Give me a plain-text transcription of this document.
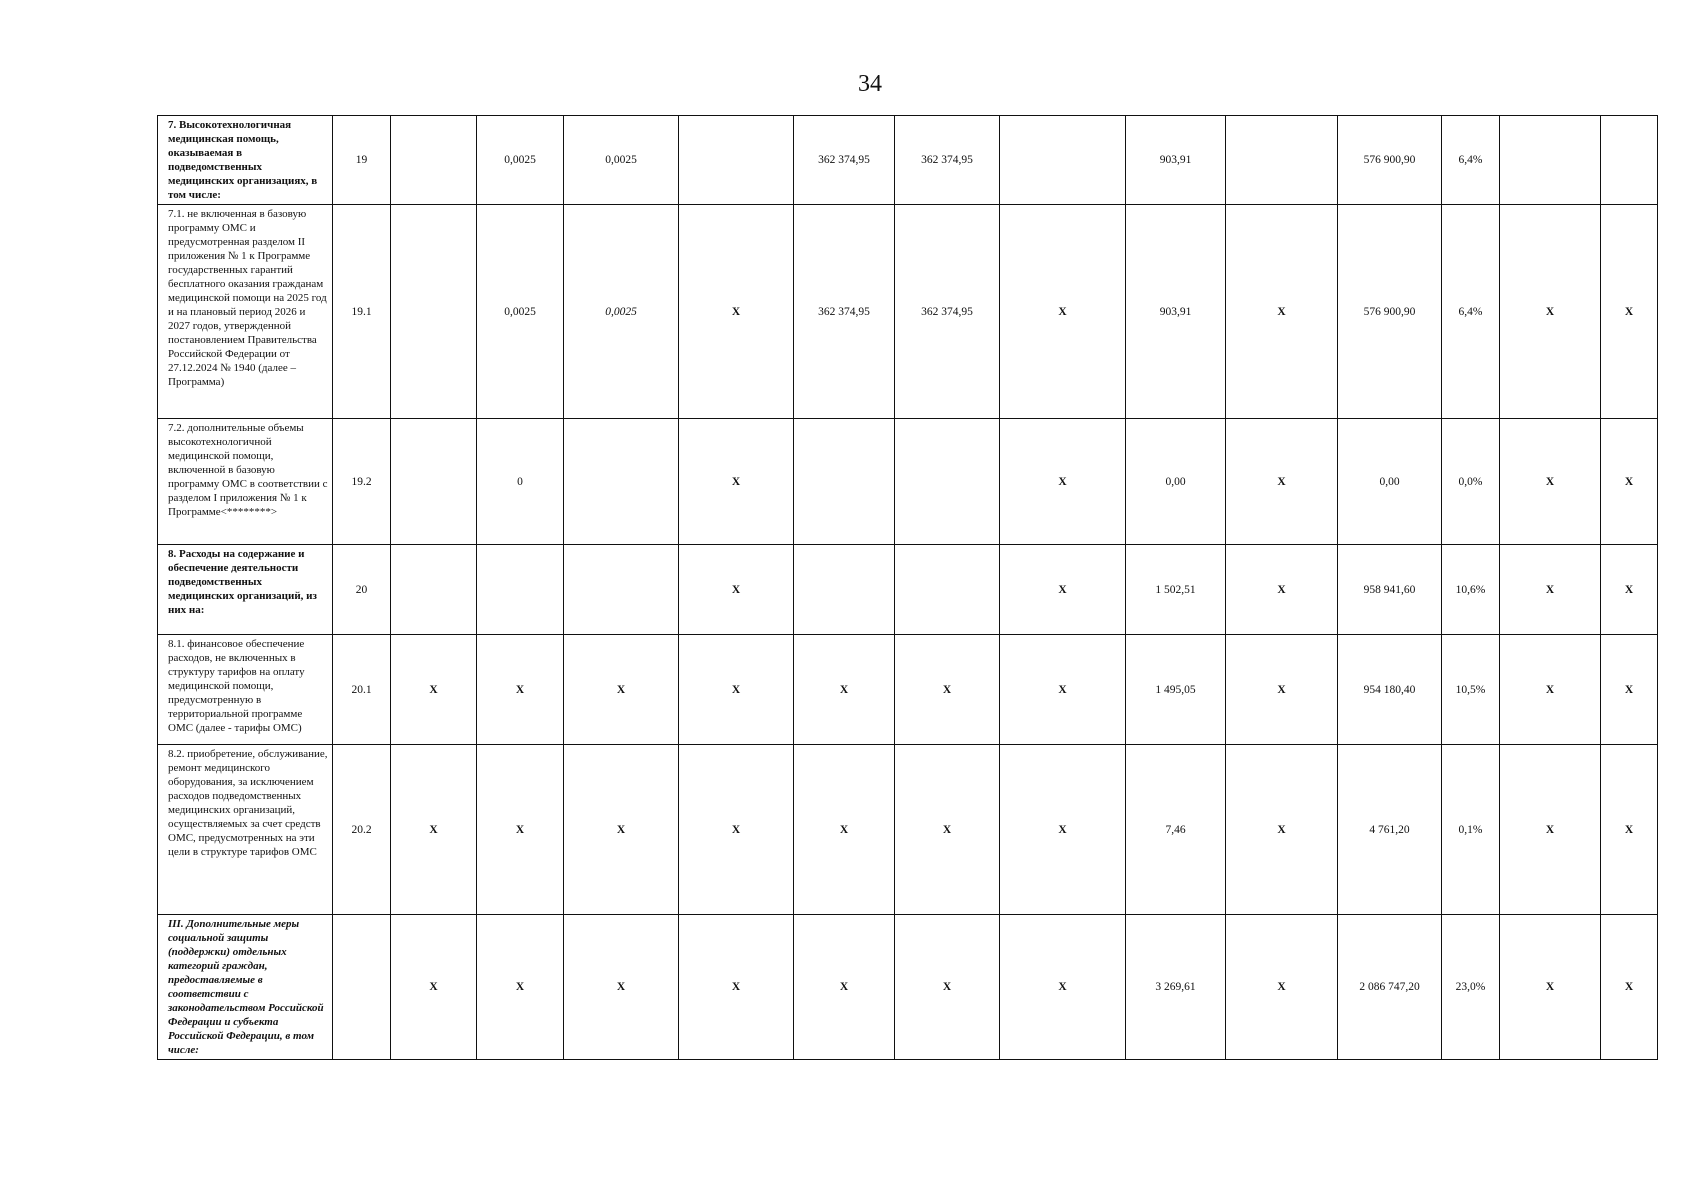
34
7. Высокотехнологичная медицинская помощь, оказываемая в подведомственных медицинских организациях, в том числе:	19		0,0025	0,0025		362 374,95	362 374,95		903,91		576 900,90	6,4%		
7.1. не включенная в базовую программу ОМС и предусмотренная разделом II приложения № 1 к Программе государственных гарантий бесплатного оказания гражданам медицинской помощи на 2025 год и на плановый период 2026 и 2027 годов, утвержденной постановлением Правительства Российской Федерации от 27.12.2024 № 1940 (далее – Программа)	19.1		0,0025	0,0025	X	362 374,95	362 374,95	X	903,91	X	576 900,90	6,4%	X	X
7.2. дополнительные объемы высокотехнологичной медицинской помощи, включенной в базовую программу ОМС в соответствии с разделом I приложения № 1 к Программе<********>	19.2		0		X			X	0,00	X	0,00	0,0%	X	X
8. Расходы на содержание и обеспечение деятельности подведомственных медицинских организаций, из них на:	20				X			X	1 502,51	X	958 941,60	10,6%	X	X
8.1. финансовое обеспечение расходов, не включенных в структуру тарифов на оплату медицинской помощи, предусмотренную в территориальной программе ОМС (далее - тарифы ОМС)	20.1	X	X	X	X	X	X	X	1 495,05	X	954 180,40	10,5%	X	X
8.2. приобретение, обслуживание, ремонт медицинского оборудования, за исключением расходов подведомственных медицинских организаций, осуществляемых за счет средств ОМС, предусмотренных на эти цели в структуре тарифов ОМС	20.2	X	X	X	X	X	X	X	7,46	X	4 761,20	0,1%	X	X
III. Дополнительные меры социальной защиты (поддержки) отдельных категорий граждан, предоставляемые в соответствии с законодательством Российской Федерации и субъекта Российской Федерации, в том числе:		X	X	X	X	X	X	X	3 269,61	X	2 086 747,20	23,0%	X	X
